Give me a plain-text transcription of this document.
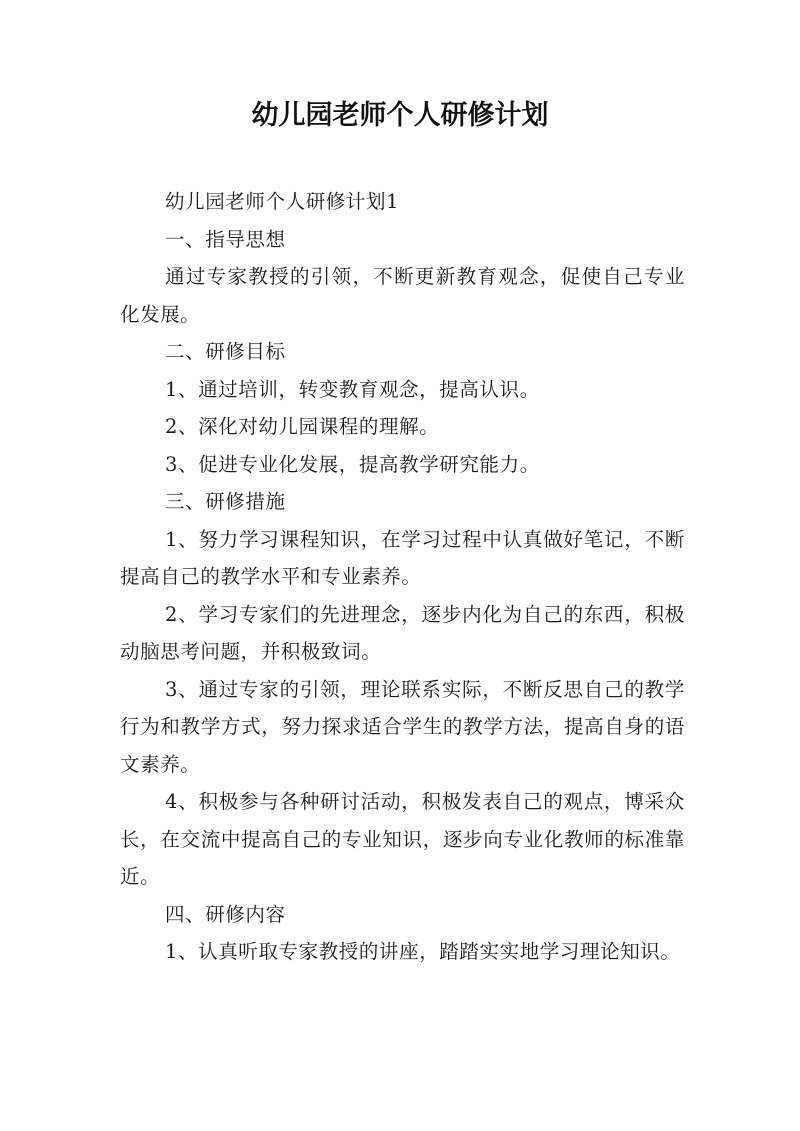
幼儿园老师个人研修计划

幼儿园老师个人研修计划1

一、指导思想

通过专家教授的引领，不断更新教育观念，促使自己专业化发展。

二、研修目标

1、通过培训，转变教育观念，提高认识。

2、深化对幼儿园课程的理解。

3、促进专业化发展，提高教学研究能力。

三、研修措施

1、努力学习课程知识，在学习过程中认真做好笔记，不断提高自己的教学水平和专业素养。

2、学习专家们的先进理念，逐步内化为自己的东西，积极动脑思考问题，并积极致词。

3、通过专家的引领，理论联系实际，不断反思自己的教学行为和教学方式，努力探求适合学生的教学方法，提高自身的语文素养。

4、积极参与各种研讨活动，积极发表自己的观点，博采众长，在交流中提高自己的专业知识，逐步向专业化教师的标准靠近。

四、研修内容

1、认真听取专家教授的讲座，踏踏实实地学习理论知识。
